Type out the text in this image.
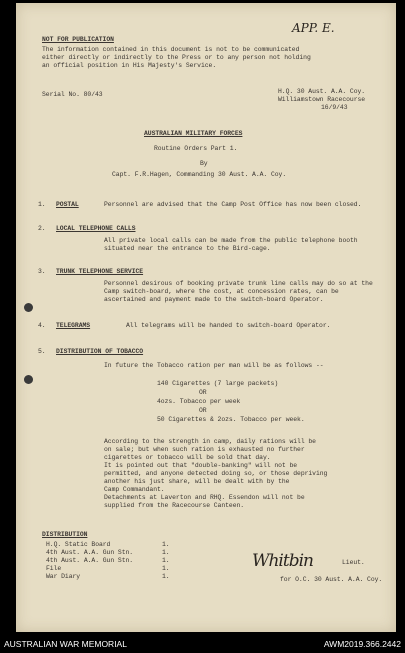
APP. E.
NOT FOR PUBLICATION
The information contained in this document is not to be communicated
either directly or indirectly to the Press or to any person not holding
an official position in His Majesty's Service.
Serial No. 80/43	H.Q. 30 Aust. A.A. Coy.
Williamstown Racecourse
16/9/43
AUSTRALIAN MILITARY FORCES
Routine Orders Part 1.
By
Capt. F.R.Hagen, Commanding 30 Aust. A.A. Coy.
1. POSTAL	Personnel are advised that the Camp Post Office has now been closed.
2. LOCAL TELEPHONE CALLS
All private local calls can be made from the public telephone booth situated near the entrance to the Bird-cage.
3. TRUNK TELEPHONE SERVICE
Personnel desirous of booking private trunk line calls may do so at the Camp switch-board, where the cost, at concession rates, can be ascertained and payment made to the switch-board Operator.
4. TELEGRAMS	All telegrams will be handed to switch-board Operator.
5. DISTRIBUTION OF TOBACCO
In future the Tobacco ration per man will be as follows --
140 Cigarettes (7 large packets)
OR
4ozs. Tobacco per week
OR
50 Cigarettes & 2ozs. Tobacco per week.
According to the strength in camp, daily rations will be
on sale; but when such ration is exhausted no further
cigarettes or tobacco will be sold that day.
It is pointed out that "double-banking" will not be
permitted, and anyone detected doing so, or those depriving
another his just share, will be dealt with by the
Camp Commandant.
Detachments at Laverton and RHQ. Essendon will not be
supplied from the Racecourse Canteen.
DISTRIBUTION
H.Q. Static Board	1.
4th Aust. A.A. Gun Stn.	1.
4th Aust. A.A. Gun Stn.	1.
File	1.
War Diary	1.
Whitbin	Lieut.
for O.C. 30 Aust. A.A. Coy.
AUSTRALIAN WAR MEMORIAL	AWM2019.366.2442
